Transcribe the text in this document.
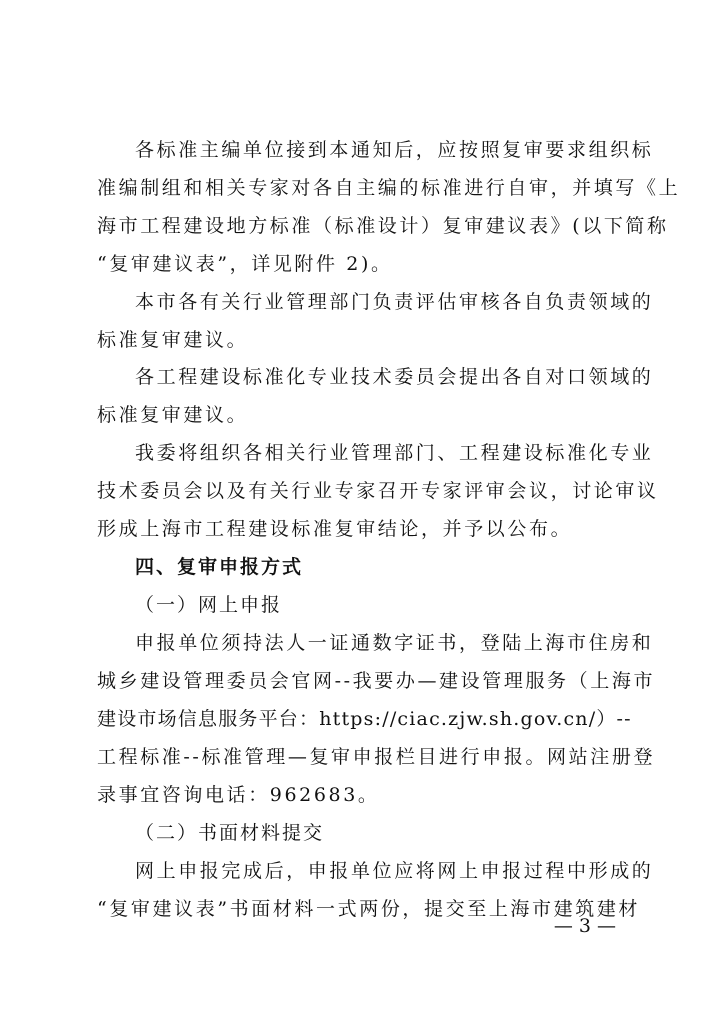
各标准主编单位接到本通知后，应按照复审要求组织标
准编制组和相关专家对各自主编的标准进行自审，并填写《上
海市工程建设地方标准（标准设计）复审建议表》(以下简称
“复审建议表”，详见附件 2)。
本市各有关行业管理部门负责评估审核各自负责领域的
标准复审建议。
各工程建设标准化专业技术委员会提出各自对口领域的
标准复审建议。
我委将组织各相关行业管理部门、工程建设标准化专业
技术委员会以及有关行业专家召开专家评审会议，讨论审议
形成上海市工程建设标准复审结论，并予以公布。
四、复审申报方式
（一）网上申报
申报单位须持法人一证通数字证书，登陆上海市住房和
城乡建设管理委员会官网--我要办—建设管理服务（上海市
建设市场信息服务平台：https://ciac.zjw.sh.gov.cn/）--
工程标准--标准管理—复审申报栏目进行申报。网站注册登
录事宜咨询电话：962683。
（二）书面材料提交
网上申报完成后，申报单位应将网上申报过程中形成的
“复审建议表”书面材料一式两份，提交至上海市建筑建材
— 3 —
